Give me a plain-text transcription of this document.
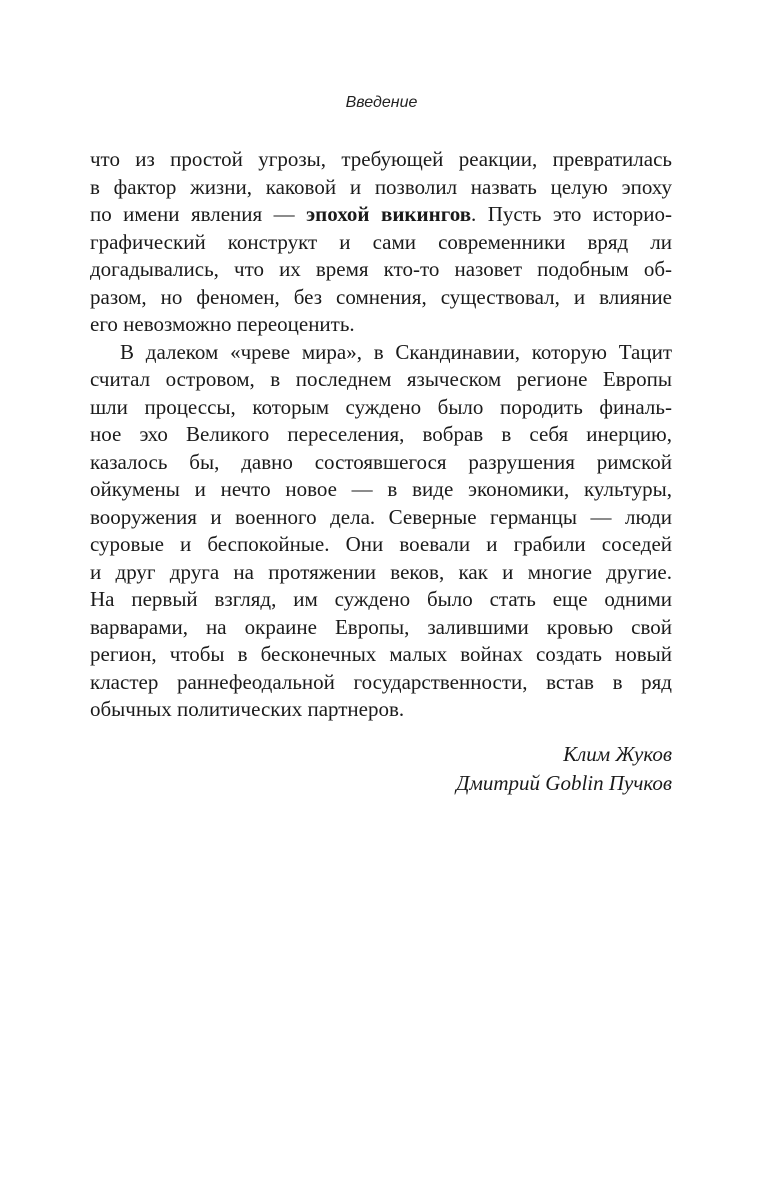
Введение
что из простой угрозы, требующей реакции, превратилась
в фактор жизни, каковой и позволил назвать целую эпоху
по имени явления — эпохой викингов. Пусть это историо-
графический конструкт и сами современники вряд ли
догадывались, что их время кто-то назовет подобным об-
разом, но феномен, без сомнения, существовал, и влияние
его невозможно переоценить.
В далеком «чреве мира», в Скандинавии, которую Тацит
считал островом, в последнем языческом регионе Европы
шли процессы, которым суждено было породить финаль-
ное эхо Великого переселения, вобрав в себя инерцию,
казалось бы, давно состоявшегося разрушения римской
ойкумены и нечто новое — в виде экономики, культуры,
вооружения и военного дела. Северные германцы — люди
суровые и беспокойные. Они воевали и грабили соседей
и друг друга на протяжении веков, как и многие другие.
На первый взгляд, им суждено было стать еще одними
варварами, на окраине Европы, залившими кровью свой
регион, чтобы в бесконечных малых войнах создать новый
кластер раннефеодальной государственности, встав в ряд
обычных политических партнеров.
Клим Жуков
Дмитрий Goblin Пучков
